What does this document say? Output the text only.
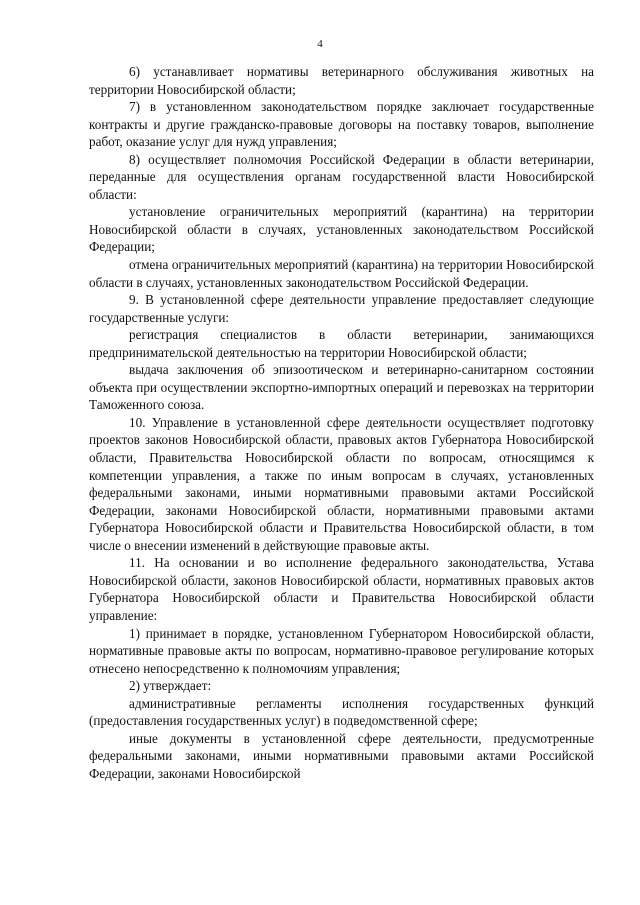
4

6) устанавливает нормативы ветеринарного обслуживания животных на территории Новосибирской области;

7) в установленном законодательством порядке заключает государственные контракты и другие гражданско-правовые договоры на поставку товаров, выполнение работ, оказание услуг для нужд управления;

8) осуществляет полномочия Российской Федерации в области ветеринарии, переданные для осуществления органам государственной власти Новосибирской области:

установление ограничительных мероприятий (карантина) на территории Новосибирской области в случаях, установленных законодательством Российской Федерации;

отмена ограничительных мероприятий (карантина) на территории Новосибирской области в случаях, установленных законодательством Российской Федерации.

9. В установленной сфере деятельности управление предоставляет следующие государственные услуги:

регистрация специалистов в области ветеринарии, занимающихся предпринимательской деятельностью на территории Новосибирской области;

выдача заключения об эпизоотическом и ветеринарно-санитарном состоянии объекта при осуществлении экспортно-импортных операций и перевозках на территории Таможенного союза.

10. Управление в установленной сфере деятельности осуществляет подготовку проектов законов Новосибирской области, правовых актов Губернатора Новосибирской области, Правительства Новосибирской области по вопросам, относящимся к компетенции управления, а также по иным вопросам в случаях, установленных федеральными законами, иными нормативными правовыми актами Российской Федерации, законами Новосибирской области, нормативными правовыми актами Губернатора Новосибирской области и Правительства Новосибирской области, в том числе о внесении изменений в действующие правовые акты.

11. На основании и во исполнение федерального законодательства, Устава Новосибирской области, законов Новосибирской области, нормативных правовых актов Губернатора Новосибирской области и Правительства Новосибирской области управление:

1) принимает в порядке, установленном Губернатором Новосибирской области, нормативные правовые акты по вопросам, нормативно-правовое регулирование которых отнесено непосредственно к полномочиям управления;

2) утверждает:

административные регламенты исполнения государственных функций (предоставления государственных услуг) в подведомственной сфере;

иные документы в установленной сфере деятельности, предусмотренные федеральными законами, иными нормативными правовыми актами Российской Федерации, законами Новосибирской
